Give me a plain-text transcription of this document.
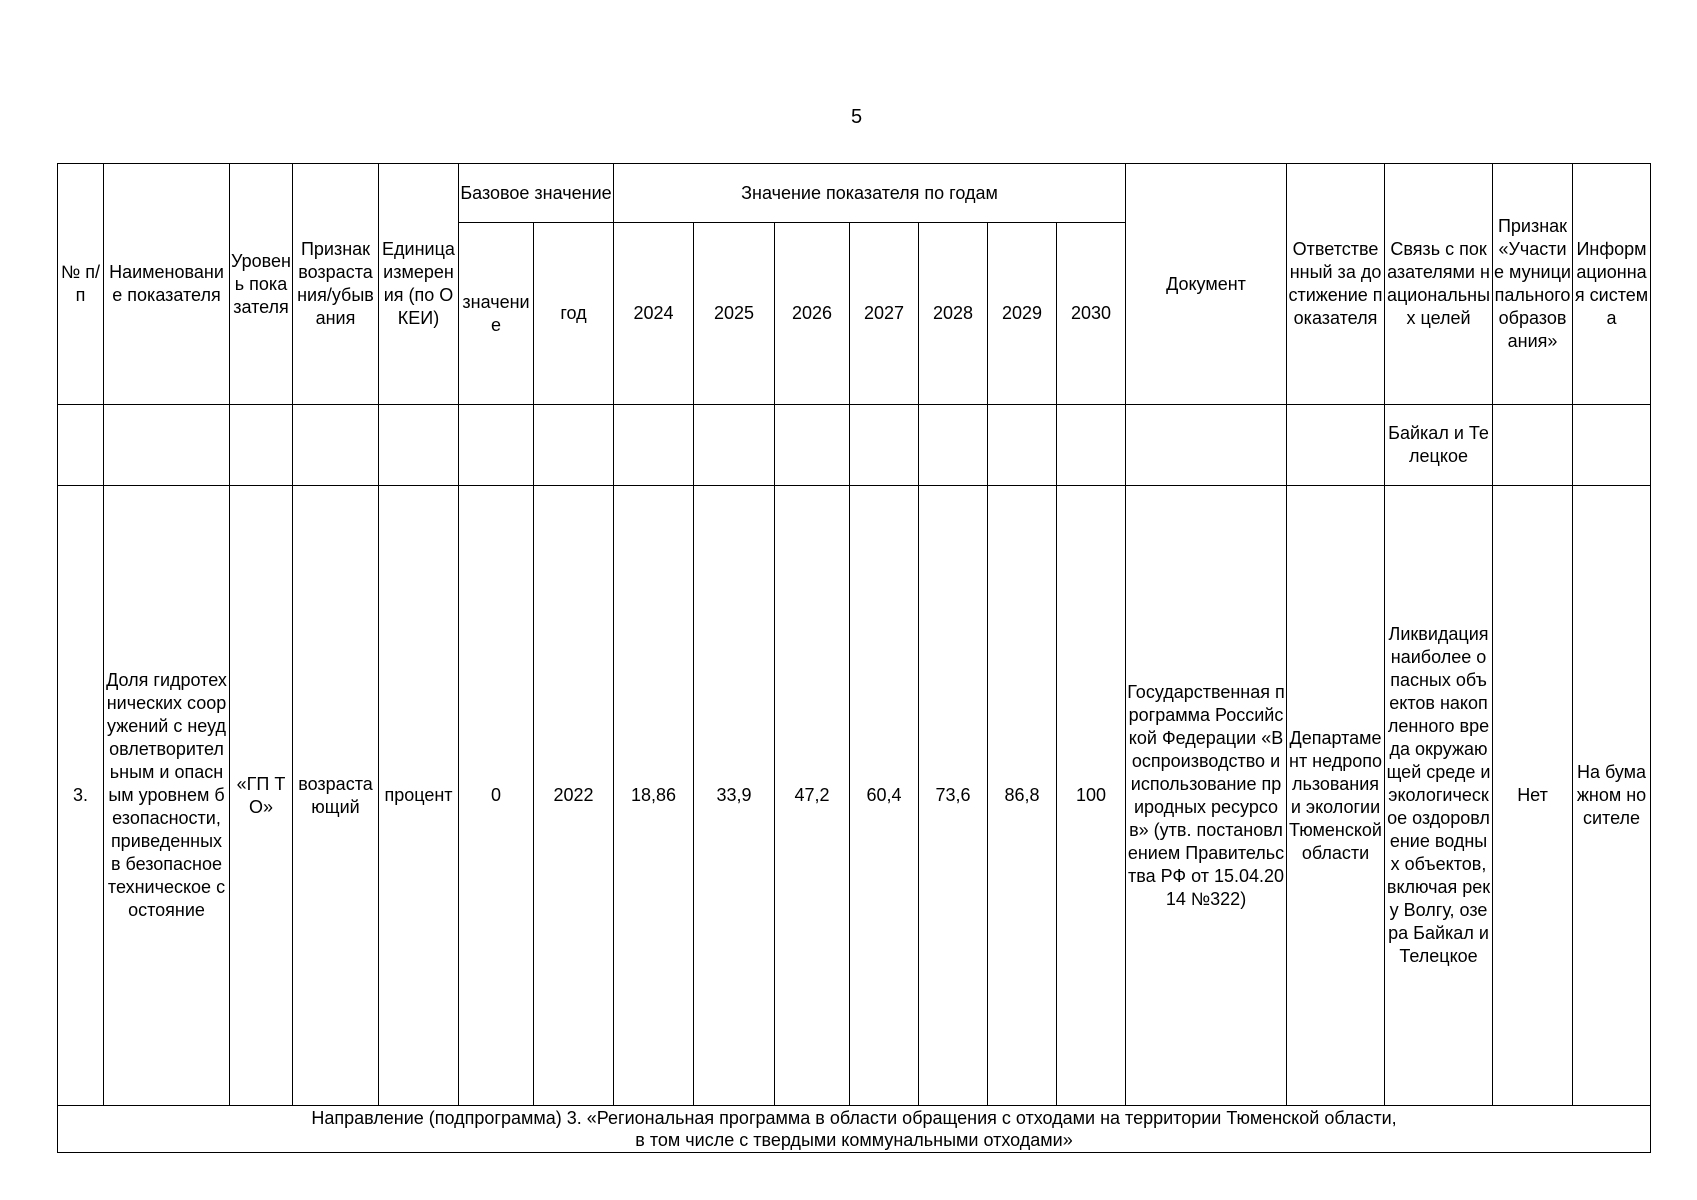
5
№ п/п	Наименование показателя	Уровень показателя	Признак возрастания/убывания	Единица измерения (по ОКЕИ)	Базовое значение		Значение показателя по годам							Документ	Ответственный за достижение показателя	Связь с показателями национальных целей	Признак «Участие муниципального образования»	Информационная система
					значение	год	2024	2025	2026	2027	2028	2029	2030					
																Байкал и Телецкое		
3.	Доля гидротехнических сооружений с неудовлетворительным и опасным уровнем безопасности, приведенных в безопасное техническое состояние	«ГП ТО»	возрастающий	процент	0	2022	18,86	33,9	47,2	60,4	73,6	86,8	100	Государственная программа Российской Федерации «Воспроизводство и использование природных ресурсов» (утв. постановлением Правительства РФ от 15.04.2014 №322)	Департамент недропользования и экологии Тюменской области	Ликвидация наиболее опасных объектов накопленного вреда окружающей среде и экологическое оздоровление водных объектов, включая реку Волгу, озера Байкал и Телецкое	Нет	На бумажном носителе
Направление (подпрограмма) 3. «Региональная программа в области обращения с отходами на территории Тюменской области,
в том числе с твердыми коммунальными отходами»																		
